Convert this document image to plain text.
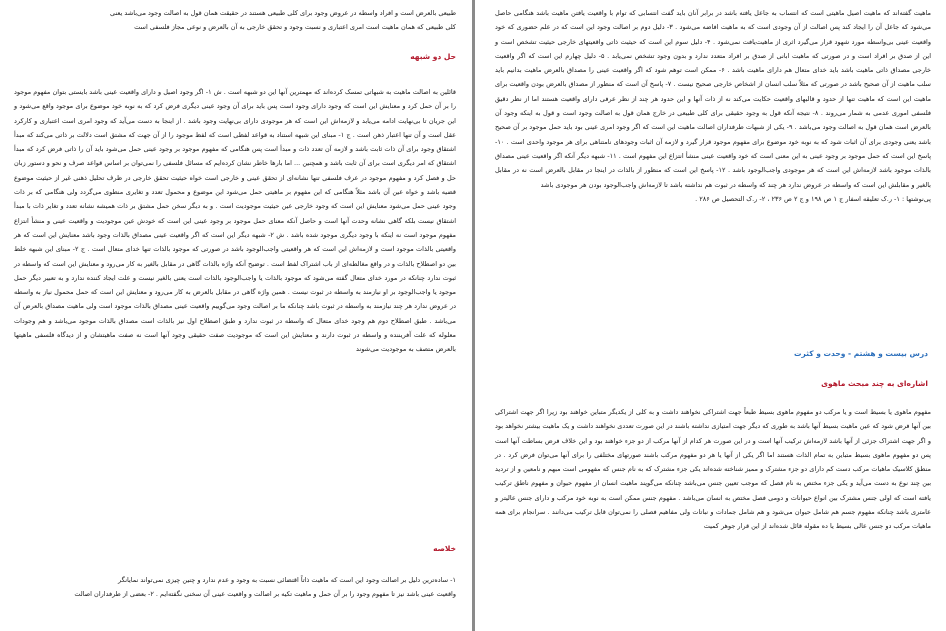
طبیعی بالعرض است و افراد واسطه در عروض وجود برای کلی طبیعی هستند در حقیقت همان قول به اصالت وجود می‌باشد یعنی

کلی طبیعی که همان ماهیت است امری اعتباری و نسبت وجود و تحقق خارجی به آن بالعرض و نوعی مجاز فلسفی است

حل دو شبهه

قائلین به اصالت ماهیت به شبهاتی تمسک کرده‌اند که مهمترین آنها این دو شبهه است . ش ۱- اگر وجود اصیل و دارای واقعیت عینی باشد بایستی بتوان مفهوم موجود را بر آن حمل کرد و معنایش این است که وجود دارای وجود است پس باید برای آن وجود عینی دیگری فرض کرد که به نوبه خود موضوع برای موجود واقع می‌شود و این جریان تا بی‌نهایت ادامه می‌یابد و لازمه‌اش این است که هر موجودی دارای بی‌نهایت وجود باشد . از اینجا به دست می‌آید که وجود امری است اعتباری و کارکرد عقل است و آن تنها اعتبار ذهن است . ج ۱- مبنای این شبهه استناد به قواعد لفظی است که لفظ موجود را از آن جهت که مشتق است دلالت بر ذاتی می‌کند که مبدأ اشتقاق وجود برای آن ذات ثابت باشد و لازمه آن تعدد ذات و مبدأ است پس هنگامی که مفهوم موجود بر وجود عینی حمل می‌شود باید آن را ذاتی فرض کرد که مبدأ اشتقاق که امر دیگری است برای آن ثابت باشد و همچنین ... اما بارها خاطر نشان کرده‌ایم که مسائل فلسفی را نمی‌توان بر اساس قواعد صرف و نحو و دستور زبان حل و فصل کرد و مفهوم موجود در عرف فلسفی تنها نشانه‌ای از تحقق عینی و خارجی است خواه حیثیت تحقق خارجی در ظرف تحلیل ذهنی غیر از حیثیت موضوع قضیه باشد و خواه عین آن باشد مثلاً هنگامی که این مفهوم بر ماهیتی حمل می‌شود این موضوع و محمول تعدد و تغایری منطوی می‌گردد ولی هنگامی که بر ذات وجود عینی حمل می‌شود معنایش این است که وجود خارجی عین حیثیت موجودیت است . و به دیگر سخن حمل مشتق بر ذات همیشه نشانه تعدد و تغایر ذات با مبدأ اشتقاق نیست بلکه گاهی نشانه وحدت آنها است و حاصل آنکه معنای حمل موجود بر وجود عینی این است که خودش عین موجودیت و واقعیت عینی و منشأ انتزاع مفهوم موجود است نه اینکه با وجود دیگری موجود شده باشد . ش ۲- شبهه دیگر این است که اگر واقعیت عینی مصداق بالذات وجود باشد معنایش این است که هر واقعیتی بالذات موجود است و لازمه‌اش این است که هر واقعیتی واجب‌الوجود باشد در صورتی که موجود بالذات تنها خدای متعال است . ج ۲- مبنای این شبهه خلط بین دو اصطلاح بالذات و در واقع مغالطه‌ای از باب اشتراک لفظ است . توضیح آنکه واژه بالذات گاهی در مقابل بالغیر به کار می‌رود و معنایش این است که واسطه در ثبوت ندارد چنانکه در مورد خدای متعال گفته می‌شود که موجود بالذات یا واجب‌الوجود بالذات است یعنی بالغیر نیست و علت ایجاد کننده ندارد و به تعبیر دیگر حمل موجود یا واجب‌الوجود بر او نیازمند به واسطه در ثبوت نیست . همین واژه گاهی در مقابل بالعرض به کار می‌رود و معنایش این است که حمل محمول نیاز به واسطه در عروض ندارد هر چند نیازمند به واسطه در ثبوت باشد چنانکه ما بر اصالت وجود می‌گوییم واقعیت عینی مصداق بالذات موجود است ولی ماهیت مصداق بالعرض آن می‌باشد . طبق اصطلاح دوم هم وجود خدای متعال که واسطه در ثبوت ندارد و طبق اصطلاح اول نیز بالذات است مصداق بالذات موجود می‌باشد و هم وجودات معلوله که علت آفریننده و واسطه در ثبوت دارند و معنایش این است که موجودیت صفت حقیقی وجود آنها است نه صفت ماهیتشان و از دیدگاه فلسفی ماهیتها بالعرض متصف به موجودیت می‌شوند

خلاصه

۱- ساده‌ترین دلیل بر اصالت وجود این است که ماهیت ذاتاً اقتضائی نسبت به وجود و عدم ندارد و چنین چیزی نمی‌تواند نمایانگر

واقعیت عینی باشد نیز تا مفهوم وجود را بر آن حمل و ماهیت تکیه بر اصالت و واقعیت عینی آن سخنی نگفته‌ایم . ۲- بعضی از طرفداران اصالت

ماهیت گفته‌اند که ماهیت اصیل ماهیتی است که انتساب به جاعل یافته باشد در برابر آنان باید گفت انتسابی که توام با واقعیت یافتن ماهیت باشد هنگامی حاصل می‌شود که جاعل آن را ایجاد کند پس اصالت از آن وجودی است که به ماهیت افاضه می‌شود . ۳- دلیل دوم بر اصالت وجود این است که در علم حضوری که خود واقعیت عینی بی‌واسطه مورد شهود قرار می‌گیرد اثری از ماهیت‌یافت نمی‌شود . ۴- دلیل سوم این است که حیثیت ذاتی واقعیتهای خارجی حیثیت تشخص است و این از صدق بر افراد است و در صورتی که ماهیت ابانی از صدق بر افراد متعدد ندارد و بدون وجود تشخص نمی‌یابد . ۵- دلیل چهارم این است که اگر واقعیت خارجی مصداق ذاتی ماهیت باشد باید خدای متعال هم دارای ماهیت باشد . ۶- ممکن است توهم شود که اگر واقعیت عینی را مصداق بالعرض ماهیت بدانیم باید سلب ماهیت از آن صحیح باشد در صورتی که مثلاً سلب انسان از اشخاص خارجی صحیح نیست . ۷- پاسخ آن است که منظور از مصداق بالعرض بودن واقعیت برای ماهیت این است که ماهیت تنها از حدود و قالبهای واقعیت حکایت می‌کند نه از ذات آنها و این حدود هر چند از نظر عرفی دارای واقعیت هستند اما از نظر دقیق فلسفی اموری عدمی به شمار می‌روند . ۸- نتیجه آنکه قول به وجود حقیقی برای کلی طبیعی در خارج همان قول به اصالت وجود است و قول به اینکه وجود آن بالعرض است همان قول به اصالت وجود می‌باشد . ۹- یکی از شبهات طرفداران اصالت ماهیت این است که اگر وجود امری عینی بود باید حمل موجود بر آن صحیح باشد یعنی وجودی برای آن اثبات شود که به نوبه خود موضوع برای مفهوم موجود قرار گیرد و لازمه آن اثبات وجودهای نامتناهی برای هر موجود واحدی است . ۱۰- پاسخ این است که حمل موجود بر وجود عینی به این معنی است که خود واقعیت عینی منشأ انتزاع این مفهوم است . ۱۱- شبهه دیگر آنکه اگر واقعیت عینی مصداق بالذات موجود باشد لازمه‌اش این است که هر موجودی واجب‌الوجود باشد . ۱۲- پاسخ این است که منظور از بالذات در اینجا در مقابل بالعرض است نه در مقابل بالغیر و مقابلش این است که واسطه در عروض ندارد هر چند که واسطه در ثبوت هم نداشته باشد تا لازمه‌اش واجب‌الوجود بودن هر موجودی باشد

پی‌نوشتها : ۱- ر.ک تعلیقه اسفار ج ۱ ص ۱۹۸ و ج ۲ ص ۲۳۶ ، ۲- ر.ک التحصیل ص ۲۸۶ .

درس بیست و هشتم - وحدت و کثرت
اشاره‌ای به چند مبحث ماهوی

مفهوم ماهوی یا بسیط است و یا مرکب دو مفهوم ماهوی بسیط طبعاً جهت اشتراکی نخواهند داشت و به کلی از یکدیگر متباین خواهند بود زیرا اگر جهت اشتراکی بین آنها فرض شود که عین ماهیت بسیط آنها باشد به طوری که دیگر جهت امتیازی نداشته باشند در این صورت تعددی نخواهند داشت و یک ماهیت بیشتر نخواهد بود و اگر جهت اشتراک جزئی از آنها باشد لازمه‌اش ترکیب آنها است و در این صورت هر کدام از آنها مرکب از دو جزء خواهند بود و این خلاف فرض بساطت آنها است پس دو مفهوم ماهوی بسیط متباین به تمام الذات هستند اما اگر یکی از آنها یا هر دو مفهوم مرکب باشند صورتهای مختلفی را برای آنها می‌توان فرض کرد . در منطق کلاسیک ماهیات مرکب دست کم دارای دو جزء مشترک و ممیز شناخته شده‌اند یکی جزء مشترک که به نام جنس که مفهومی است مبهم و نامعین و از تردید بین چند نوع به دست می‌آید و یکی جزء مختص به نام فصل که موجب تعیین جنس می‌باشد چنانکه می‌گویند ماهیت انسان از مفهوم حیوان و مفهوم ناطق ترکیب یافته است که اولی جنس مشترک بین انواع حیوانات و دومی فصل مختص به انسان می‌باشد . مفهوم جنس ممکن است به نوبه خود مرکب و دارای جنس عالیتر و عامتری باشد چنانکه مفهوم جسم هم شامل حیوان می‌شود و هم شامل جمادات و نباتات ولی مفاهیم فصلی را نمی‌توان قابل ترکیب می‌دانند . سرانجام برای همه ماهیات مرکب دو جنس عالی بسیط یا ده مقوله قائل شده‌اند از این قرار جوهر کمیت
